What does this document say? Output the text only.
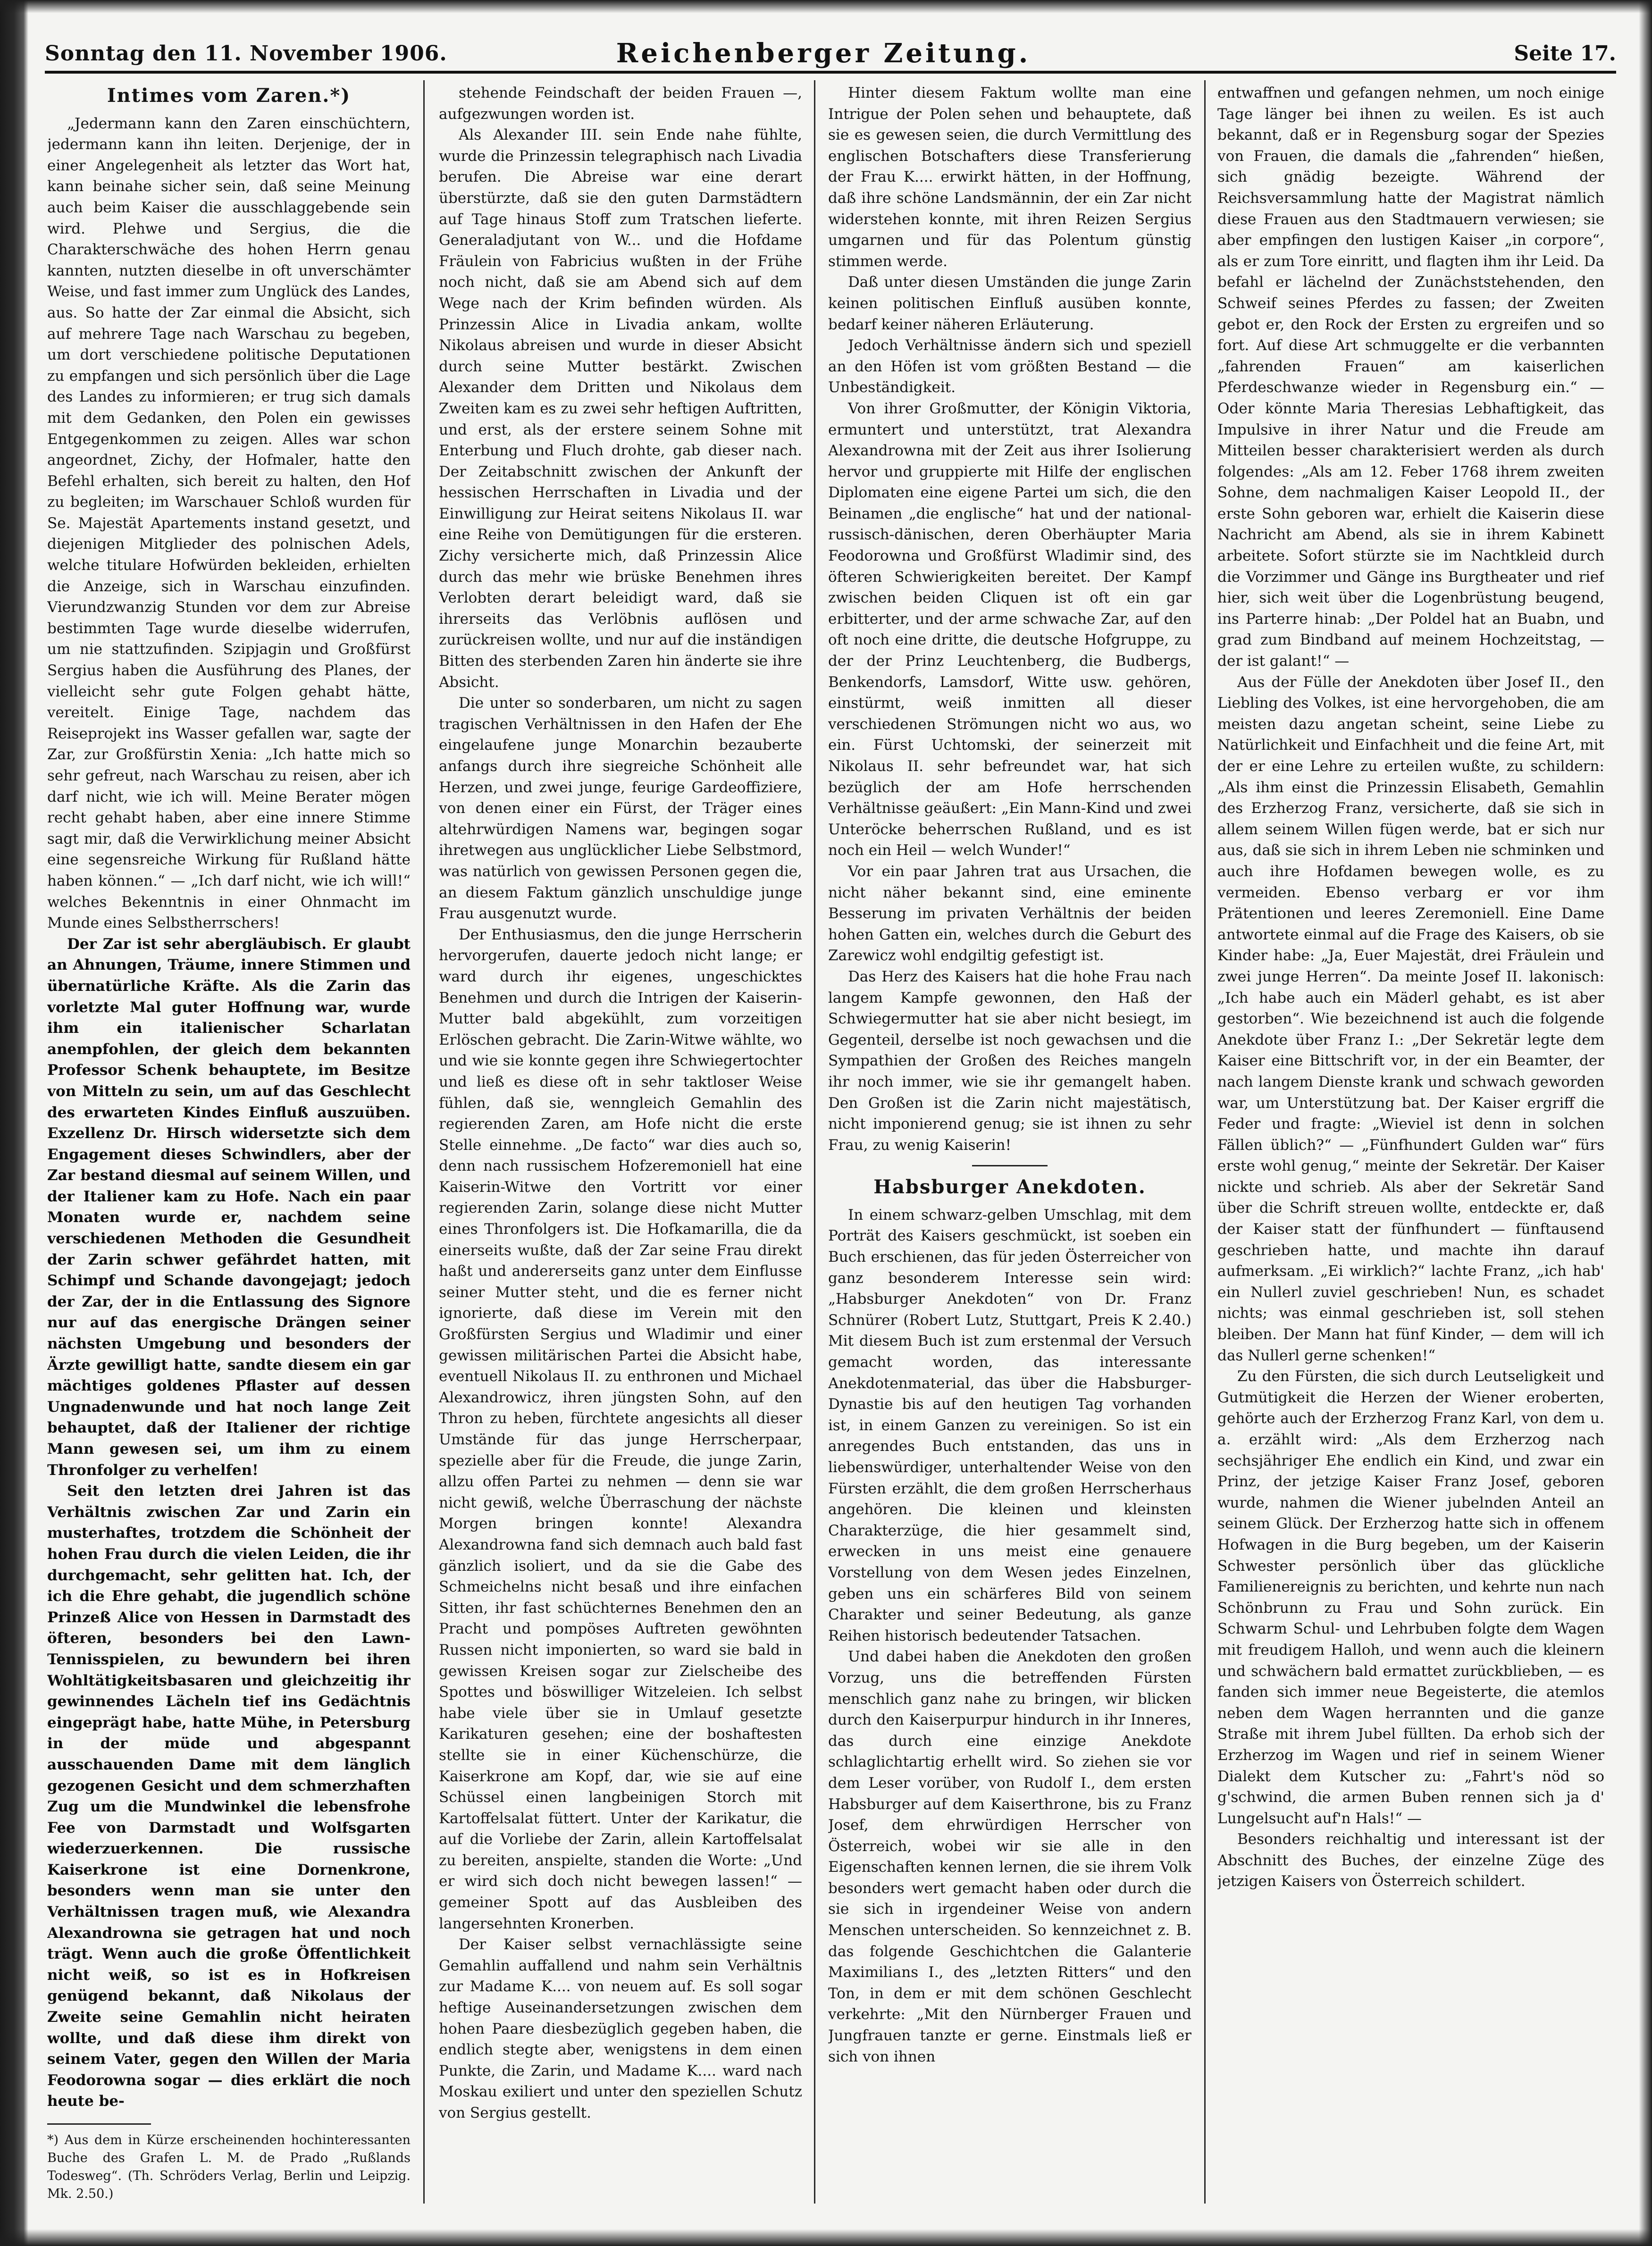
Sonntag den 11. November 1906.	Reichenberger Zeitung.	Seite 17.
Intimes vom Zaren.*)

„Jedermann kann den Zaren einschüchtern, jedermann kann ihn leiten. Derjenige, der in einer Angelegenheit als letzter das Wort hat, kann beinahe sicher sein, daß seine Meinung auch beim Kaiser die ausschlaggebende sein wird. Plehwe und Sergius, die die Charakterschwäche des hohen Herrn genau kannten, nutzten dieselbe in oft unverschämter Weise, und fast immer zum Unglück des Landes, aus. So hatte der Zar einmal die Absicht, sich auf mehrere Tage nach Warschau zu begeben, um dort verschiedene politische Deputationen zu empfangen und sich persönlich über die Lage des Landes zu informieren; er trug sich damals mit dem Gedanken, den Polen ein gewisses Entgegenkommen zu zeigen. Alles war schon angeordnet, Zichy, der Hofmaler, hatte den Befehl erhalten, sich bereit zu halten, den Hof zu begleiten; im Warschauer Schloß wurden für Se. Majestät Apartements instand gesetzt, und diejenigen Mitglieder des polnischen Adels, welche titulare Hofwürden bekleiden, erhielten die Anzeige, sich in Warschau einzufinden. Vierundzwanzig Stunden vor dem zur Abreise bestimmten Tage wurde dieselbe widerrufen, um nie stattzufinden. Szipjagin und Großfürst Sergius haben die Ausführung des Planes, der vielleicht sehr gute Folgen gehabt hätte, vereitelt. Einige Tage, nachdem das Reiseprojekt ins Wasser gefallen war, sagte der Zar, zur Großfürstin Xenia: „Ich hatte mich so sehr gefreut, nach Warschau zu reisen, aber ich darf nicht, wie ich will. Meine Berater mögen recht gehabt haben, aber eine innere Stimme sagt mir, daß die Verwirklichung meiner Absicht eine segensreiche Wirkung für Rußland hätte haben können.“ — „Ich darf nicht, wie ich will!“ welches Bekenntnis in einer Ohnmacht im Munde eines Selbstherrschers!

Der Zar ist sehr abergläubisch. Er glaubt an Ahnungen, Träume, innere Stimmen und übernatürliche Kräfte. Als die Zarin das vorletzte Mal guter Hoffnung war, wurde ihm ein italienischer Scharlatan anempfohlen, der gleich dem bekannten Professor Schenk behauptete, im Besitze von Mitteln zu sein, um auf das Geschlecht des erwarteten Kindes Einfluß auszuüben. Exzellenz Dr. Hirsch widersetzte sich dem Engagement dieses Schwindlers, aber der Zar bestand diesmal auf seinem Willen, und der Italiener kam zu Hofe. Nach ein paar Monaten wurde er, nachdem seine verschiedenen Methoden die Gesundheit der Zarin schwer gefährdet hatten, mit Schimpf und Schande davongejagt; jedoch der Zar, der in die Entlassung des Signore nur auf das energische Drängen seiner nächsten Umgebung und besonders der Ärzte gewilligt hatte, sandte diesem ein gar mächtiges goldenes Pflaster auf dessen Ungnadenwunde und hat noch lange Zeit behauptet, daß der Italiener der richtige Mann gewesen sei, um ihm zu einem Thronfolger zu verhelfen!

Seit den letzten drei Jahren ist das Verhältnis zwischen Zar und Zarin ein musterhaftes, trotzdem die Schönheit der hohen Frau durch die vielen Leiden, die ihr durchgemacht, sehr gelitten hat. Ich, der ich die Ehre gehabt, die jugendlich schöne Prinzeß Alice von Hessen in Darmstadt des öfteren, besonders bei den Lawn-Tennisspielen, zu bewundern bei ihren Wohltätigkeitsbasaren und gleichzeitig ihr gewinnendes Lächeln tief ins Gedächtnis eingeprägt habe, hatte Mühe, in Petersburg in der müde und abgespannt ausschauenden Dame mit dem länglich gezogenen Gesicht und dem schmerzhaften Zug um die Mundwinkel die lebensfrohe Fee von Darmstadt und Wolfsgarten wiederzuerkennen. Die russische Kaiserkrone ist eine Dornenkrone, besonders wenn man sie unter den Verhältnissen tragen muß, wie Alexandra Alexandrowna sie getragen hat und noch trägt. Wenn auch die große Öffentlichkeit nicht weiß, so ist es in Hofkreisen genügend bekannt, daß Nikolaus der Zweite seine Gemahlin nicht heiraten wollte, und daß diese ihm direkt von seinem Vater, gegen den Willen der Maria Feodorowna sogar — dies erklärt die noch heute be-

*) Aus dem in Kürze erscheinenden hochinteressanten Buche des Grafen L. M. de Prado „Rußlands Todesweg“. (Th. Schröders Verlag, Berlin und Leipzig. Mk. 2.50.)

stehende Feindschaft der beiden Frauen —, aufgezwungen worden ist.

Als Alexander III. sein Ende nahe fühlte, wurde die Prinzessin telegraphisch nach Livadia berufen. Die Abreise war eine derart überstürzte, daß sie den guten Darmstädtern auf Tage hinaus Stoff zum Tratschen lieferte. Generaladjutant von W... und die Hofdame Fräulein von Fabricius wußten in der Frühe noch nicht, daß sie am Abend sich auf dem Wege nach der Krim befinden würden. Als Prinzessin Alice in Livadia ankam, wollte Nikolaus abreisen und wurde in dieser Absicht durch seine Mutter bestärkt. Zwischen Alexander dem Dritten und Nikolaus dem Zweiten kam es zu zwei sehr heftigen Auftritten, und erst, als der erstere seinem Sohne mit Enterbung und Fluch drohte, gab dieser nach. Der Zeitabschnitt zwischen der Ankunft der hessischen Herrschaften in Livadia und der Einwilligung zur Heirat seitens Nikolaus II. war eine Reihe von Demütigungen für die ersteren. Zichy versicherte mich, daß Prinzessin Alice durch das mehr wie brüske Benehmen ihres Verlobten derart beleidigt ward, daß sie ihrerseits das Verlöbnis auflösen und zurückreisen wollte, und nur auf die inständigen Bitten des sterbenden Zaren hin änderte sie ihre Absicht.

Die unter so sonderbaren, um nicht zu sagen tragischen Verhältnissen in den Hafen der Ehe eingelaufene junge Monarchin bezauberte anfangs durch ihre siegreiche Schönheit alle Herzen, und zwei junge, feurige Gardeoffiziere, von denen einer ein Fürst, der Träger eines altehrwürdigen Namens war, begingen sogar ihretwegen aus unglücklicher Liebe Selbstmord, was natürlich von gewissen Personen gegen die, an diesem Faktum gänzlich unschuldige junge Frau ausgenutzt wurde.

Der Enthusiasmus, den die junge Herrscherin hervorgerufen, dauerte jedoch nicht lange; er ward durch ihr eigenes, ungeschicktes Benehmen und durch die Intrigen der Kaiserin-Mutter bald abgekühlt, zum vorzeitigen Erlöschen gebracht. Die Zarin-Witwe wählte, wo und wie sie konnte gegen ihre Schwiegertochter und ließ es diese oft in sehr taktloser Weise fühlen, daß sie, wenngleich Gemahlin des regierenden Zaren, am Hofe nicht die erste Stelle einnehme. „De facto“ war dies auch so, denn nach russischem Hofzeremoniell hat eine Kaiserin-Witwe den Vortritt vor einer regierenden Zarin, solange diese nicht Mutter eines Thronfolgers ist. Die Hofkamarilla, die da einerseits wußte, daß der Zar seine Frau direkt haßt und andererseits ganz unter dem Einflusse seiner Mutter steht, und die es ferner nicht ignorierte, daß diese im Verein mit den Großfürsten Sergius und Wladimir und einer gewissen militärischen Partei die Absicht habe, eventuell Nikolaus II. zu enthronen und Michael Alexandrowicz, ihren jüngsten Sohn, auf den Thron zu heben, fürchtete angesichts all dieser Umstände für das junge Herrscherpaar, spezielle aber für die Freude, die junge Zarin, allzu offen Partei zu nehmen — denn sie war nicht gewiß, welche Überraschung der nächste Morgen bringen konnte! Alexandra Alexandrowna fand sich demnach auch bald fast gänzlich isoliert, und da sie die Gabe des Schmeichelns nicht besaß und ihre einfachen Sitten, ihr fast schüchternes Benehmen den an Pracht und pompöses Auftreten gewöhnten Russen nicht imponierten, so ward sie bald in gewissen Kreisen sogar zur Zielscheibe des Spottes und böswilliger Witzeleien. Ich selbst habe viele über sie in Umlauf gesetzte Karikaturen gesehen; eine der boshaftesten stellte sie in einer Küchenschürze, die Kaiserkrone am Kopf, dar, wie sie auf eine Schüssel einen langbeinigen Storch mit Kartoffelsalat füttert. Unter der Karikatur, die auf die Vorliebe der Zarin, allein Kartoffelsalat zu bereiten, anspielte, standen die Worte: „Und er wird sich doch nicht bewegen lassen!“ — gemeiner Spott auf das Ausbleiben des langersehnten Kronerben.

Der Kaiser selbst vernachlässigte seine Gemahlin auffallend und nahm sein Verhältnis zur Madame K.... von neuem auf. Es soll sogar heftige Auseinandersetzungen zwischen dem hohen Paare diesbezüglich gegeben haben, die endlich stegte aber, wenigstens in dem einen Punkte, die Zarin, und Madame K.... ward nach Moskau exiliert und unter den speziellen Schutz von Sergius gestellt.

Hinter diesem Faktum wollte man eine Intrigue der Polen sehen und behauptete, daß sie es gewesen seien, die durch Vermittlung des englischen Botschafters diese Transferierung der Frau K.... erwirkt hätten, in der Hoffnung, daß ihre schöne Landsmännin, der ein Zar nicht widerstehen konnte, mit ihren Reizen Sergius umgarnen und für das Polentum günstig stimmen werde.

Daß unter diesen Umständen die junge Zarin keinen politischen Einfluß ausüben konnte, bedarf keiner näheren Erläuterung.

Jedoch Verhältnisse ändern sich und speziell an den Höfen ist vom größten Bestand — die Unbeständigkeit.

Von ihrer Großmutter, der Königin Viktoria, ermuntert und unterstützt, trat Alexandra Alexandrowna mit der Zeit aus ihrer Isolierung hervor und gruppierte mit Hilfe der englischen Diplomaten eine eigene Partei um sich, die den Beinamen „die englische“ hat und der national-russisch-dänischen, deren Oberhäupter Maria Feodorowna und Großfürst Wladimir sind, des öfteren Schwierigkeiten bereitet. Der Kampf zwischen beiden Cliquen ist oft ein gar erbitterter, und der arme schwache Zar, auf den oft noch eine dritte, die deutsche Hofgruppe, zu der der Prinz Leuchtenberg, die Budbergs, Benkendorfs, Lamsdorf, Witte usw. gehören, einstürmt, weiß inmitten all dieser verschiedenen Strömungen nicht wo aus, wo ein. Fürst Uchtomski, der seinerzeit mit Nikolaus II. sehr befreundet war, hat sich bezüglich der am Hofe herrschenden Verhältnisse geäußert: „Ein Mann-Kind und zwei Unteröcke beherrschen Rußland, und es ist noch ein Heil — welch Wunder!“

Vor ein paar Jahren trat aus Ursachen, die nicht näher bekannt sind, eine eminente Besserung im privaten Verhältnis der beiden hohen Gatten ein, welches durch die Geburt des Zarewicz wohl endgiltig gefestigt ist.

Das Herz des Kaisers hat die hohe Frau nach langem Kampfe gewonnen, den Haß der Schwiegermutter hat sie aber nicht besiegt, im Gegenteil, derselbe ist noch gewachsen und die Sympathien der Großen des Reiches mangeln ihr noch immer, wie sie ihr gemangelt haben. Den Großen ist die Zarin nicht majestätisch, nicht imponierend genug; sie ist ihnen zu sehr Frau, zu wenig Kaiserin!

Habsburger Anekdoten.

In einem schwarz-gelben Umschlag, mit dem Porträt des Kaisers geschmückt, ist soeben ein Buch erschienen, das für jeden Österreicher von ganz besonderem Interesse sein wird: „Habsburger Anekdoten“ von Dr. Franz Schnürer (Robert Lutz, Stuttgart, Preis K 2.40.) Mit diesem Buch ist zum erstenmal der Versuch gemacht worden, das interessante Anekdotenmaterial, das über die Habsburger-Dynastie bis auf den heutigen Tag vorhanden ist, in einem Ganzen zu vereinigen. So ist ein anregendes Buch entstanden, das uns in liebenswürdiger, unterhaltender Weise von den Fürsten erzählt, die dem großen Herrscherhaus angehören. Die kleinen und kleinsten Charakterzüge, die hier gesammelt sind, erwecken in uns meist eine genauere Vorstellung von dem Wesen jedes Einzelnen, geben uns ein schärferes Bild von seinem Charakter und seiner Bedeutung, als ganze Reihen historisch bedeutender Tatsachen.

Und dabei haben die Anekdoten den großen Vorzug, uns die betreffenden Fürsten menschlich ganz nahe zu bringen, wir blicken durch den Kaiserpurpur hindurch in ihr Inneres, das durch eine einzige Anekdote schlaglichtartig erhellt wird. So ziehen sie vor dem Leser vorüber, von Rudolf I., dem ersten Habsburger auf dem Kaiserthrone, bis zu Franz Josef, dem ehrwürdigen Herrscher von Österreich, wobei wir sie alle in den Eigenschaften kennen lernen, die sie ihrem Volk besonders wert gemacht haben oder durch die sie sich in irgendeiner Weise von andern Menschen unterscheiden. So kennzeichnet z. B. das folgende Geschichtchen die Galanterie Maximilians I., des „letzten Ritters“ und den Ton, in dem er mit dem schönen Geschlecht verkehrte: „Mit den Nürnberger Frauen und Jungfrauen tanzte er gerne. Einstmals ließ er sich von ihnen

entwaffnen und gefangen nehmen, um noch einige Tage länger bei ihnen zu weilen. Es ist auch bekannt, daß er in Regensburg sogar der Spezies von Frauen, die damals die „fahrenden“ hießen, sich gnädig bezeigte. Während der Reichsversammlung hatte der Magistrat nämlich diese Frauen aus den Stadtmauern verwiesen; sie aber empfingen den lustigen Kaiser „in corpore“, als er zum Tore einritt, und flagten ihm ihr Leid. Da befahl er lächelnd der Zunächststehenden, den Schweif seines Pferdes zu fassen; der Zweiten gebot er, den Rock der Ersten zu ergreifen und so fort. Auf diese Art schmuggelte er die verbannten „fahrenden Frauen“ am kaiserlichen Pferdeschwanze wieder in Regensburg ein.“ — Oder könnte Maria Theresias Lebhaftigkeit, das Impulsive in ihrer Natur und die Freude am Mitteilen besser charakterisiert werden als durch folgendes: „Als am 12. Feber 1768 ihrem zweiten Sohne, dem nachmaligen Kaiser Leopold II., der erste Sohn geboren war, erhielt die Kaiserin diese Nachricht am Abend, als sie in ihrem Kabinett arbeitete. Sofort stürzte sie im Nachtkleid durch die Vorzimmer und Gänge ins Burgtheater und rief hier, sich weit über die Logenbrüstung beugend, ins Parterre hinab: „Der Poldel hat an Buabn, und grad zum Bindband auf meinem Hochzeitstag, — der ist galant!“ —

Aus der Fülle der Anekdoten über Josef II., den Liebling des Volkes, ist eine hervorgehoben, die am meisten dazu angetan scheint, seine Liebe zu Natürlichkeit und Einfachheit und die feine Art, mit der er eine Lehre zu erteilen wußte, zu schildern: „Als ihm einst die Prinzessin Elisabeth, Gemahlin des Erzherzog Franz, versicherte, daß sie sich in allem seinem Willen fügen werde, bat er sich nur aus, daß sie sich in ihrem Leben nie schminken und auch ihre Hofdamen bewegen wolle, es zu vermeiden. Ebenso verbarg er vor ihm Prätentionen und leeres Zeremoniell. Eine Dame antwortete einmal auf die Frage des Kaisers, ob sie Kinder habe: „Ja, Euer Majestät, drei Fräulein und zwei junge Herren“. Da meinte Josef II. lakonisch: „Ich habe auch ein Mäderl gehabt, es ist aber gestorben“. Wie bezeichnend ist auch die folgende Anekdote über Franz I.: „Der Sekretär legte dem Kaiser eine Bittschrift vor, in der ein Beamter, der nach langem Dienste krank und schwach geworden war, um Unterstützung bat. Der Kaiser ergriff die Feder und fragte: „Wieviel ist denn in solchen Fällen üblich?“ — „Fünfhundert Gulden war“ fürs erste wohl genug,“ meinte der Sekretär. Der Kaiser nickte und schrieb. Als aber der Sekretär Sand über die Schrift streuen wollte, entdeckte er, daß der Kaiser statt der fünfhundert — fünftausend geschrieben hatte, und machte ihn darauf aufmerksam. „Ei wirklich?“ lachte Franz, „ich hab' ein Nullerl zuviel geschrieben! Nun, es schadet nichts; was einmal geschrieben ist, soll stehen bleiben. Der Mann hat fünf Kinder, — dem will ich das Nullerl gerne schenken!“

Zu den Fürsten, die sich durch Leutseligkeit und Gutmütigkeit die Herzen der Wiener eroberten, gehörte auch der Erzherzog Franz Karl, von dem u. a. erzählt wird: „Als dem Erzherzog nach sechsjähriger Ehe endlich ein Kind, und zwar ein Prinz, der jetzige Kaiser Franz Josef, geboren wurde, nahmen die Wiener jubelnden Anteil an seinem Glück. Der Erzherzog hatte sich in offenem Hofwagen in die Burg begeben, um der Kaiserin Schwester persönlich über das glückliche Familienereignis zu berichten, und kehrte nun nach Schönbrunn zu Frau und Sohn zurück. Ein Schwarm Schul- und Lehrbuben folgte dem Wagen mit freudigem Halloh, und wenn auch die kleinern und schwächern bald ermattet zurückblieben, — es fanden sich immer neue Begeisterte, die atemlos neben dem Wagen herrannten und die ganze Straße mit ihrem Jubel füllten. Da erhob sich der Erzherzog im Wagen und rief in seinem Wiener Dialekt dem Kutscher zu: „Fahrt's nöd so g'schwind, die armen Buben rennen sich ja d' Lungelsucht auf'n Hals!“ —

Besonders reichhaltig und interessant ist der Abschnitt des Buches, der einzelne Züge des jetzigen Kaisers von Österreich schildert.
